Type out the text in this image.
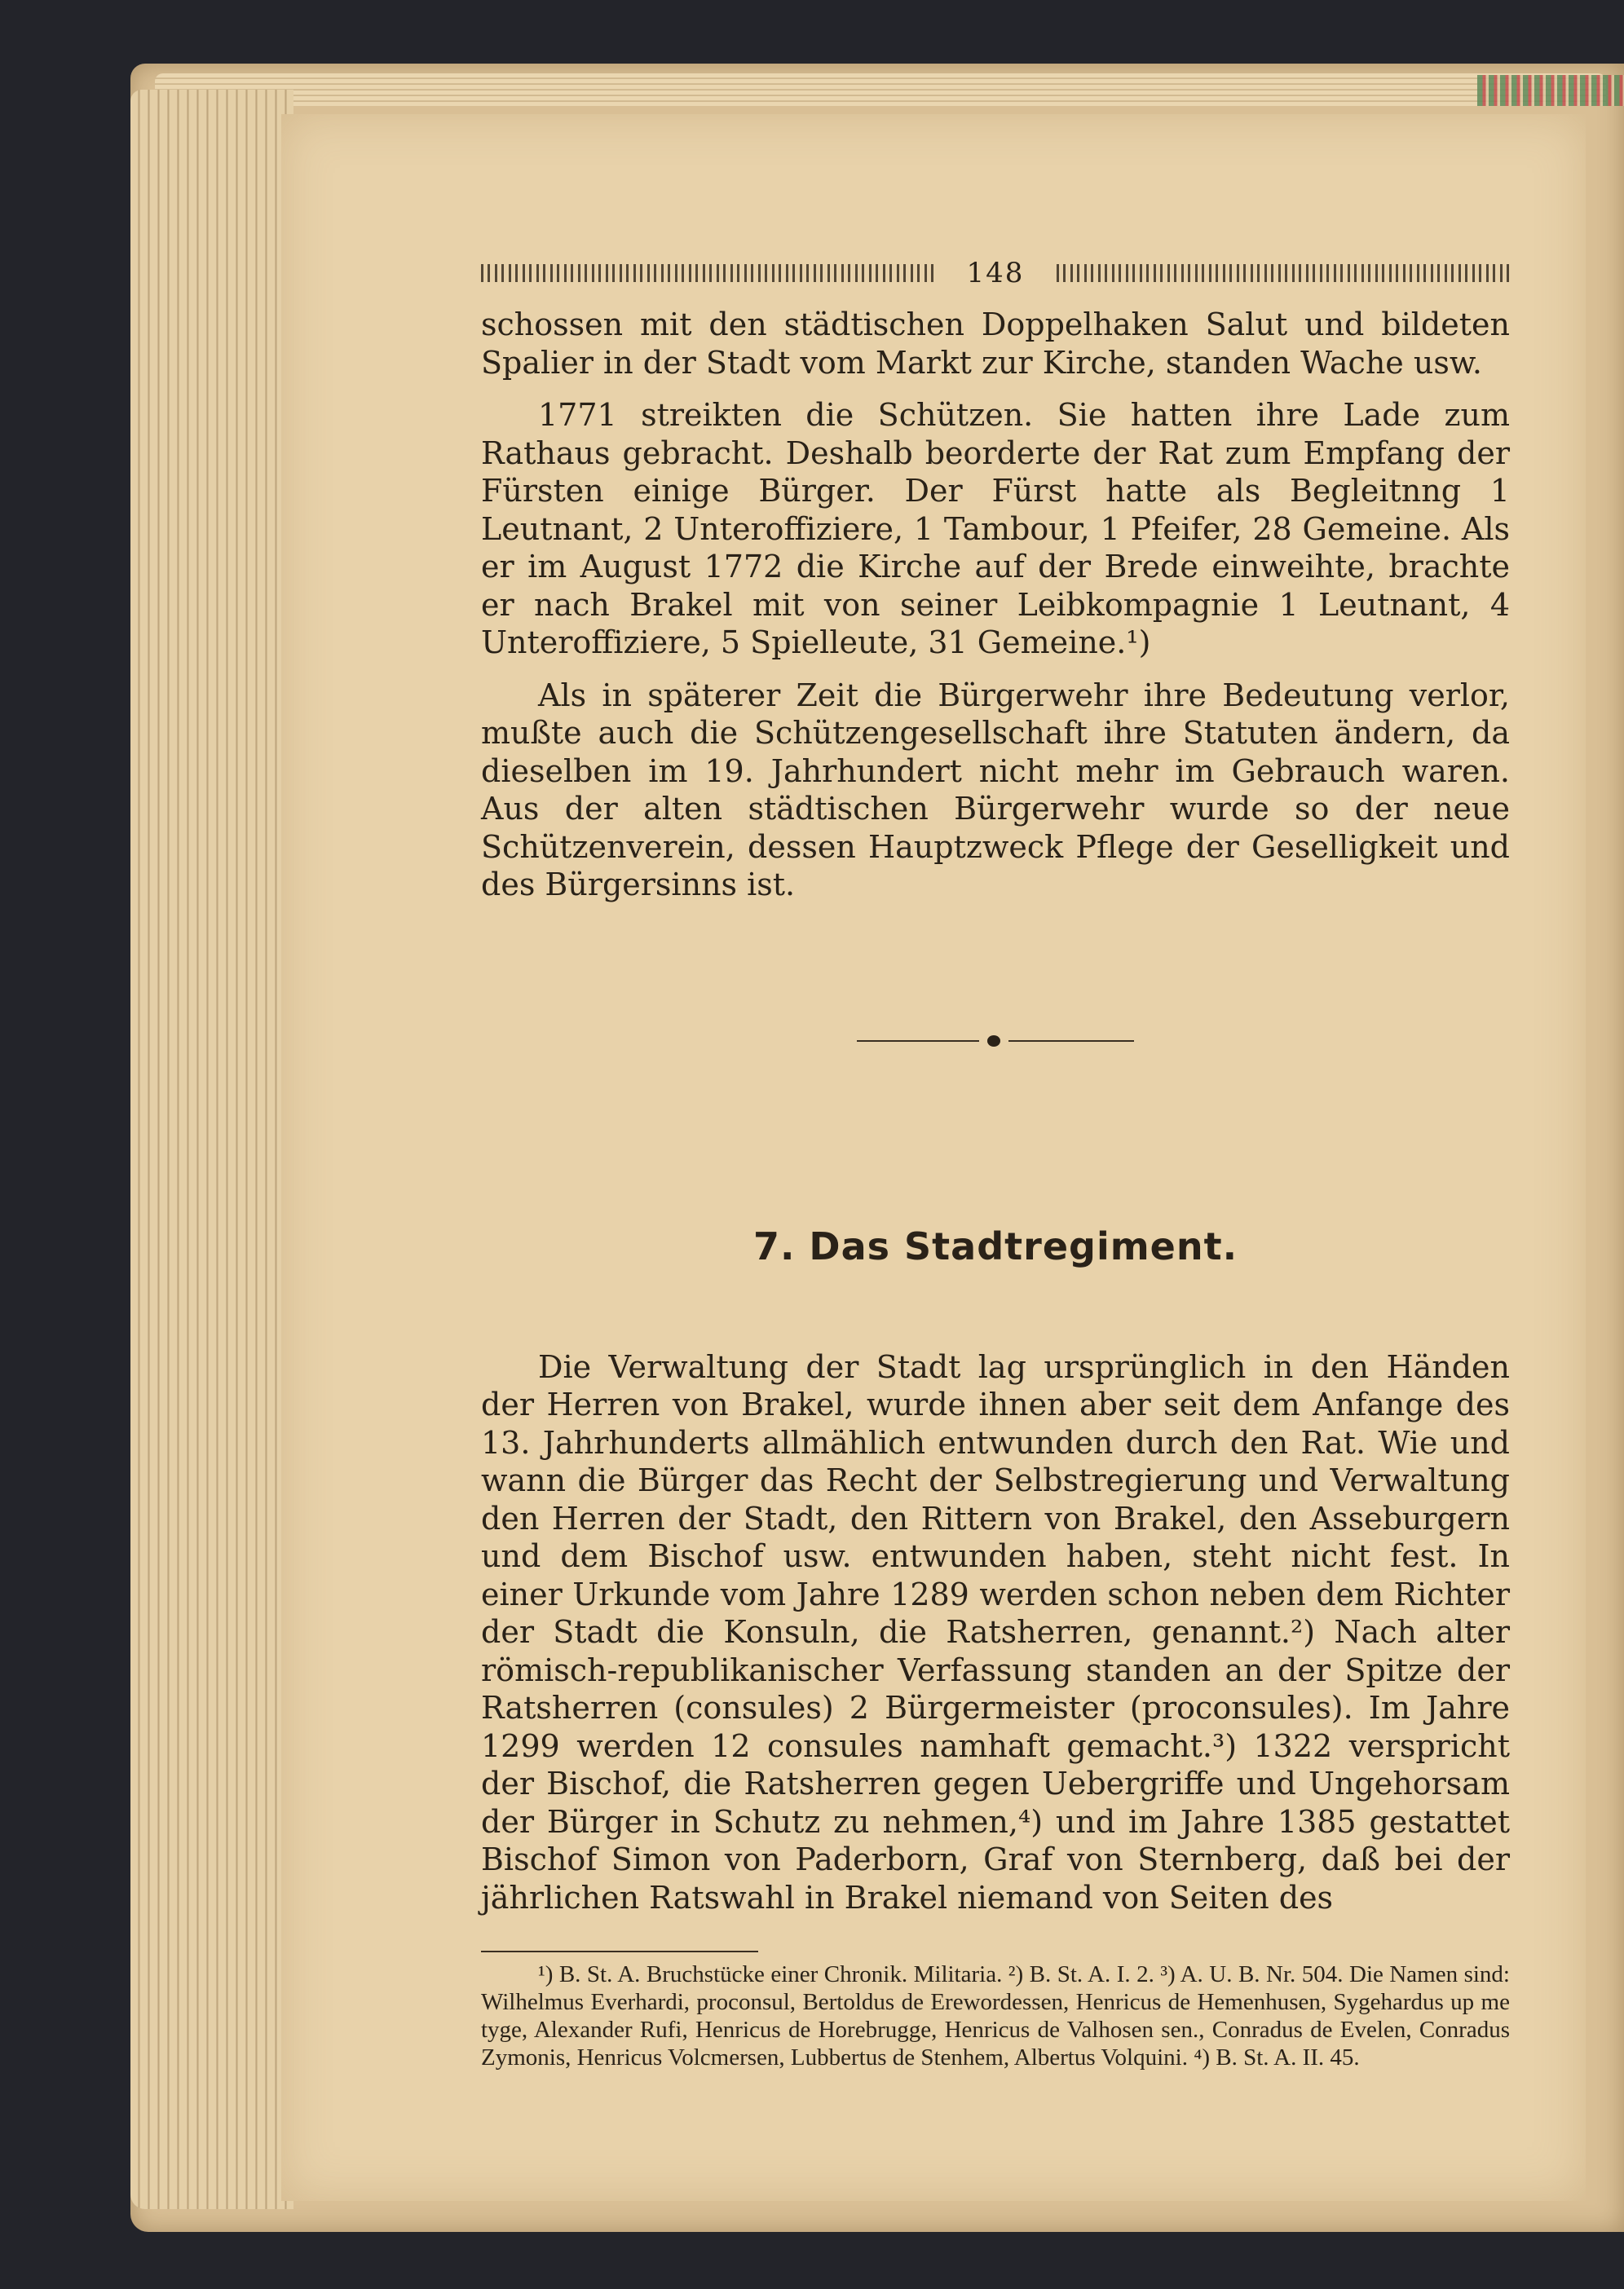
148

schossen mit den städtischen Doppelhaken Salut und bildeten Spalier in der Stadt vom Markt zur Kirche, standen Wache usw.

1771 streikten die Schützen. Sie hatten ihre Lade zum Rathaus gebracht. Deshalb beorderte der Rat zum Empfang der Fürsten einige Bürger. Der Fürst hatte als Begleitnng 1 Leutnant, 2 Unteroffiziere, 1 Tambour, 1 Pfeifer, 28 Gemeine. Als er im August 1772 die Kirche auf der Brede einweihte, brachte er nach Brakel mit von seiner Leibkompagnie 1 Leutnant, 4 Unteroffiziere, 5 Spielleute, 31 Gemeine.¹)

Als in späterer Zeit die Bürgerwehr ihre Bedeutung verlor, mußte auch die Schützengesellschaft ihre Statuten ändern, da dieselben im 19. Jahrhundert nicht mehr im Gebrauch waren. Aus der alten städtischen Bürgerwehr wurde so der neue Schützenverein, dessen Hauptzweck Pflege der Geselligkeit und des Bürgersinns ist.

7. Das Stadtregiment.

Die Verwaltung der Stadt lag ursprünglich in den Händen der Herren von Brakel, wurde ihnen aber seit dem Anfange des 13. Jahrhunderts allmählich entwunden durch den Rat. Wie und wann die Bürger das Recht der Selbstregierung und Verwaltung den Herren der Stadt, den Rittern von Brakel, den Asseburgern und dem Bischof usw. entwunden haben, steht nicht fest. In einer Urkunde vom Jahre 1289 werden schon neben dem Richter der Stadt die Konsuln, die Ratsherren, genannt.²) Nach alter römisch-republikanischer Verfassung standen an der Spitze der Ratsherren (consules) 2 Bürgermeister (proconsules). Im Jahre 1299 werden 12 consules namhaft gemacht.³) 1322 verspricht der Bischof, die Ratsherren gegen Uebergriffe und Ungehorsam der Bürger in Schutz zu nehmen,⁴) und im Jahre 1385 gestattet Bischof Simon von Paderborn, Graf von Sternberg, daß bei der jährlichen Ratswahl in Brakel niemand von Seiten des

¹) B. St. A. Bruchstücke einer Chronik. Militaria. ²) B. St. A. I. 2. ³) A. U. B. Nr. 504. Die Namen sind: Wilhelmus Everhardi, proconsul, Bertoldus de Erewordessen, Henricus de Hemenhusen, Sygehardus up me tyge, Alexander Rufi, Henricus de Horebrugge, Henricus de Valhosen sen., Conradus de Evelen, Conradus Zymonis, Henricus Volcmersen, Lubbertus de Stenhem, Albertus Volquini. ⁴) B. St. A. II. 45.
